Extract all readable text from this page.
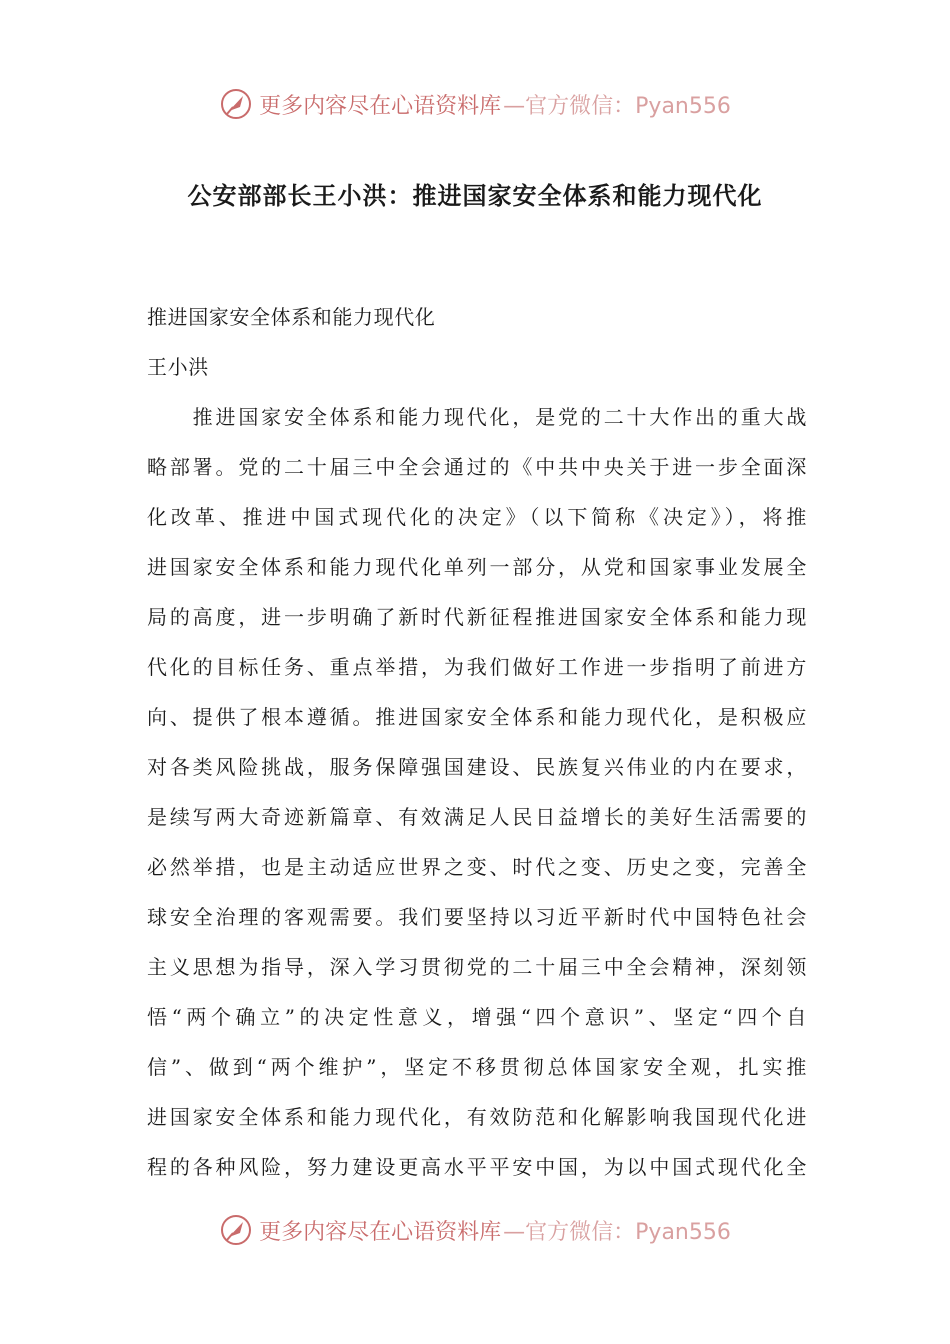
更多内容尽在心语资料库 —官方微信：Pyan556
公安部部长王小洪：推进国家安全体系和能力现代化
推进国家安全体系和能力现代化
王小洪
　　推进国家安全体系和能力现代化，是党的二十大作出的重大战
略部署。党的二十届三中全会通过的《中共中央关于进一步全面深
化改革、推进中国式现代化的决定》（以下简称《决定》），将推
进国家安全体系和能力现代化单列一部分，从党和国家事业发展全
局的高度，进一步明确了新时代新征程推进国家安全体系和能力现
代化的目标任务、重点举措，为我们做好工作进一步指明了前进方
向、提供了根本遵循。推进国家安全体系和能力现代化，是积极应
对各类风险挑战，服务保障强国建设、民族复兴伟业的内在要求，
是续写两大奇迹新篇章、有效满足人民日益增长的美好生活需要的
必然举措，也是主动适应世界之变、时代之变、历史之变，完善全
球安全治理的客观需要。我们要坚持以习近平新时代中国特色社会
主义思想为指导，深入学习贯彻党的二十届三中全会精神，深刻领
悟“两个确立”的决定性意义，增强“四个意识”、坚定“四个自
信”、做到“两个维护”，坚定不移贯彻总体国家安全观，扎实推
进国家安全体系和能力现代化，有效防范和化解影响我国现代化进
程的各种风险，努力建设更高水平平安中国，为以中国式现代化全
更多内容尽在心语资料库 —官方微信：Pyan556
